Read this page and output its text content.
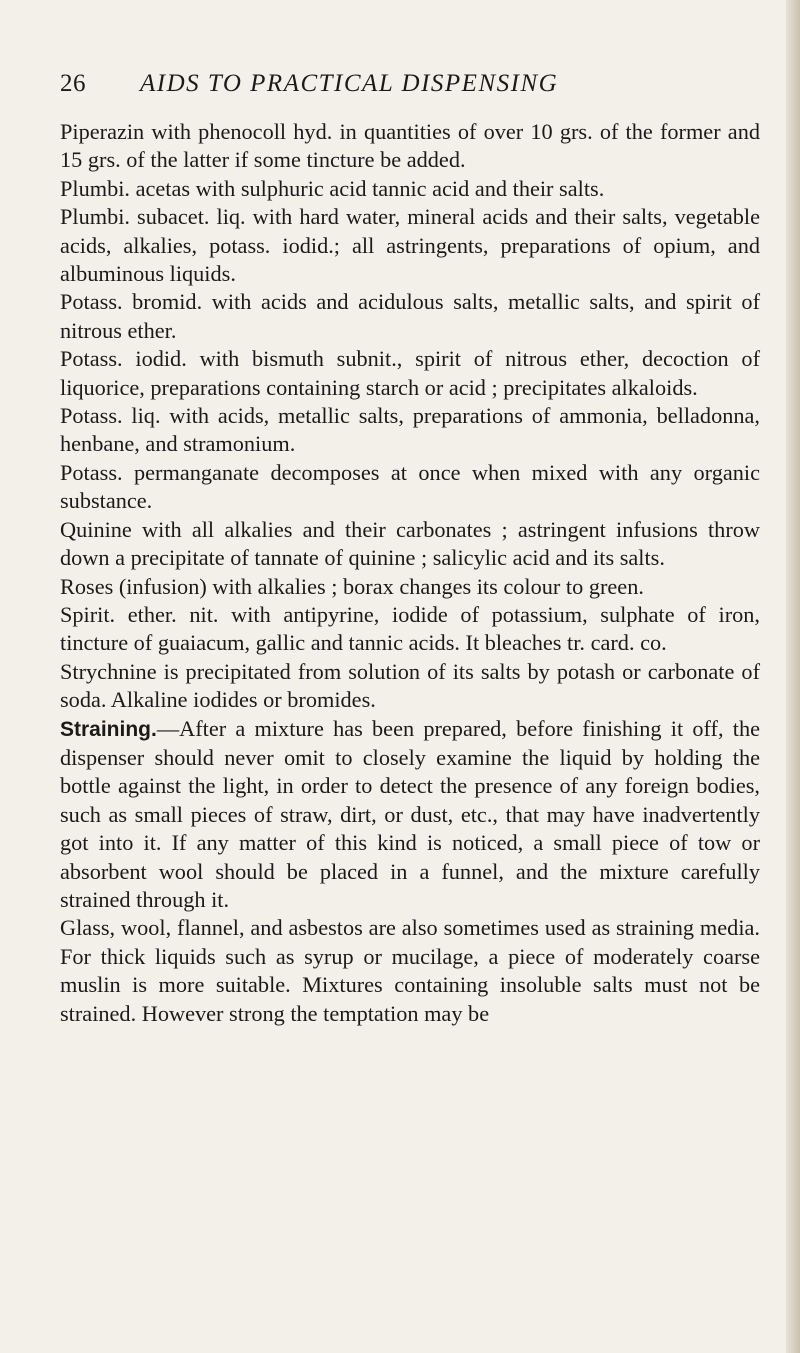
26	AIDS TO PRACTICAL DISPENSING

Piperazin with phenocoll hyd. in quantities of over 10 grs. of the former and 15 grs. of the latter if some tincture be added.

Plumbi. acetas with sulphuric acid tannic acid and their salts.

Plumbi. subacet. liq. with hard water, mineral acids and their salts, vegetable acids, alkalies, potass. iodid.; all astringents, preparations of opium, and albuminous liquids.

Potass. bromid. with acids and acidulous salts, metallic salts, and spirit of nitrous ether.

Potass. iodid. with bismuth subnit., spirit of nitrous ether, decoction of liquorice, preparations containing starch or acid ; precipitates alkaloids.

Potass. liq. with acids, metallic salts, preparations of ammonia, belladonna, henbane, and stramonium.

Potass. permanganate decomposes at once when mixed with any organic substance.

Quinine with all alkalies and their carbonates ; astringent infusions throw down a precipitate of tannate of quinine ; salicylic acid and its salts.

Roses (infusion) with alkalies ; borax changes its colour to green.

Spirit. ether. nit. with antipyrine, iodide of potassium, sulphate of iron, tincture of guaiacum, gallic and tannic acids. It bleaches tr. card. co.

Strychnine is precipitated from solution of its salts by potash or carbonate of soda. Alkaline iodides or bromides.

Straining.—After a mixture has been prepared, before finishing it off, the dispenser should never omit to closely examine the liquid by holding the bottle against the light, in order to detect the presence of any foreign bodies, such as small pieces of straw, dirt, or dust, etc., that may have inadvertently got into it. If any matter of this kind is noticed, a small piece of tow or absorbent wool should be placed in a funnel, and the mixture carefully strained through it.

Glass, wool, flannel, and asbestos are also sometimes used as straining media. For thick liquids such as syrup or mucilage, a piece of moderately coarse muslin is more suitable. Mixtures containing insoluble salts must not be strained. However strong the temptation may be
